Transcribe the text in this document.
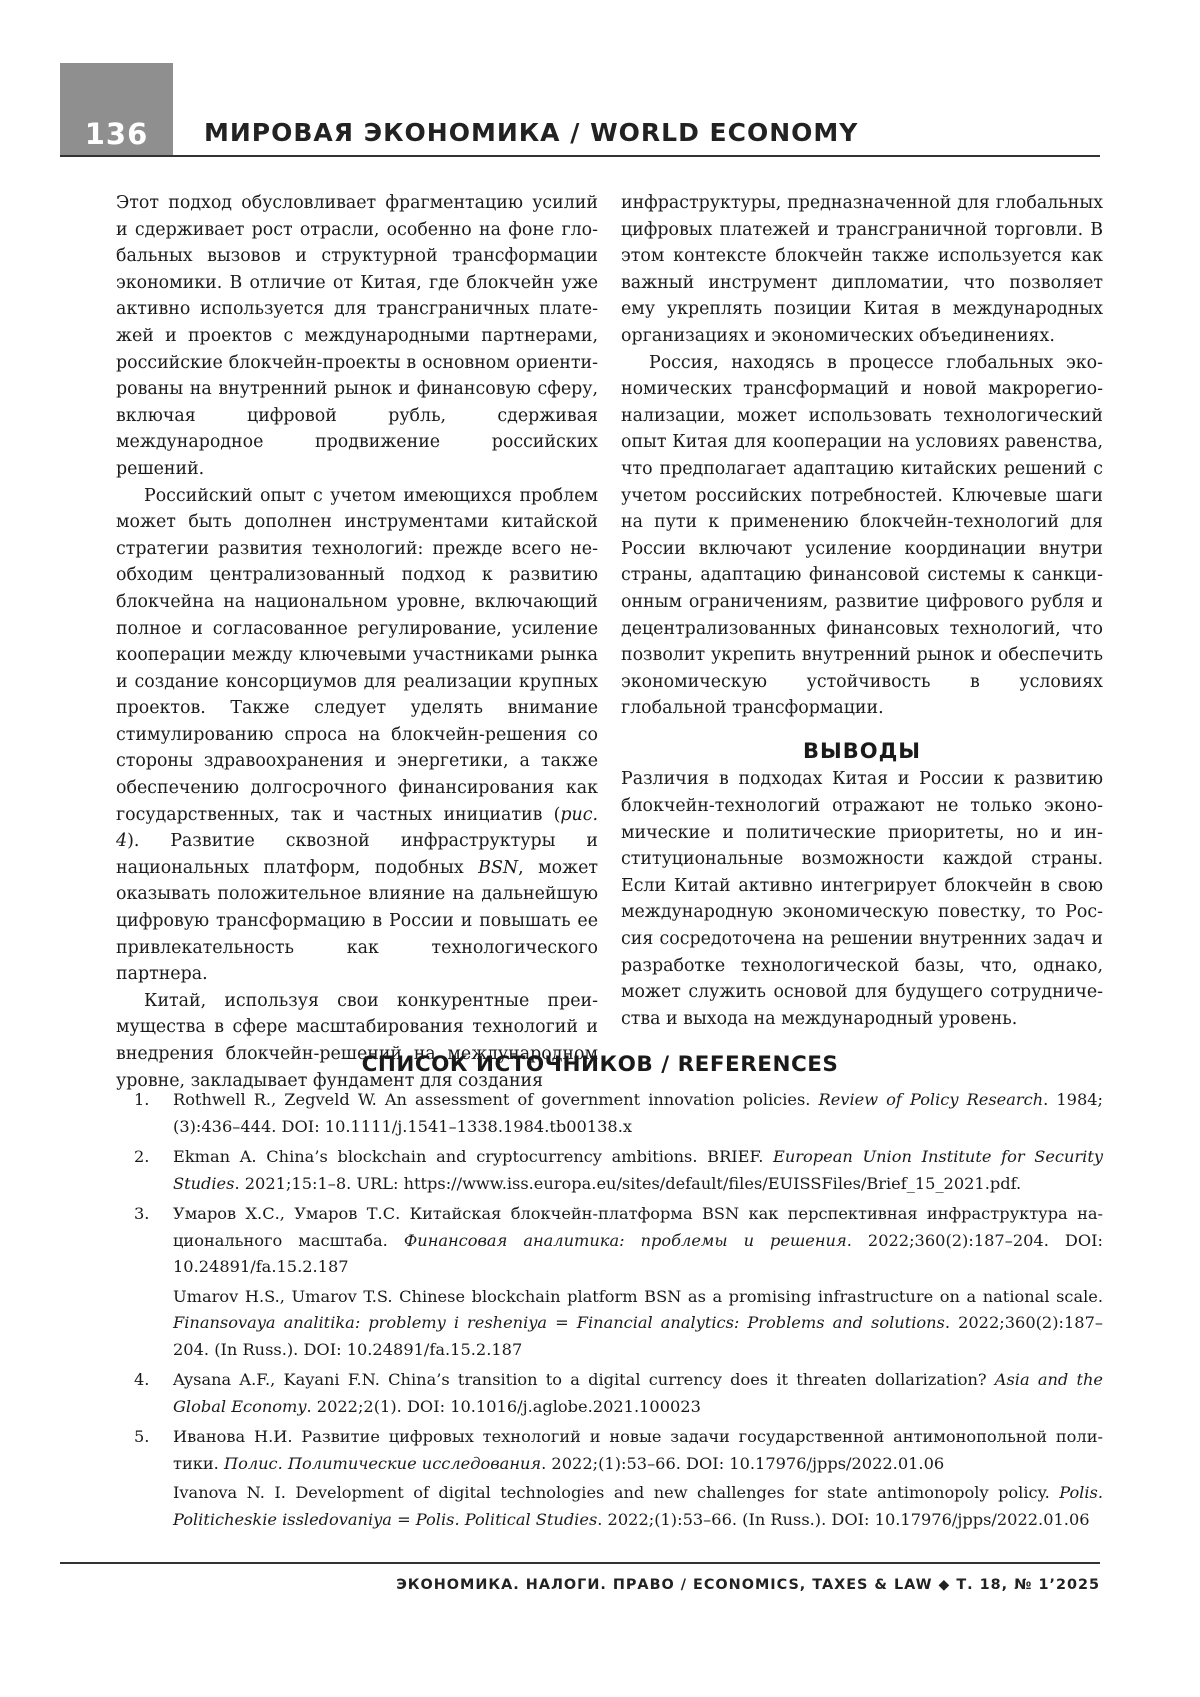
136	МИРОВАЯ ЭКОНОМИКА / WORLD ECONOMY

Этот подход обусловливает фрагментацию усилий и сдерживает рост отрасли, особенно на фоне глобальных вызовов и структурной трансформации экономики. В отличие от Китая, где блокчейн уже активно используется для трансграничных платежей и проектов с международными партнерами, российские блокчейн-проекты в основном ориентированы на внутренний рынок и финансовую сферу, включая цифровой рубль, сдерживая международное продвижение российских решений.

Российский опыт с учетом имеющихся проблем может быть дополнен инструментами китайской стратегии развития технологий: прежде всего необходим централизованный подход к развитию блокчейна на национальном уровне, включающий полное и согласованное регулирование, усиление кооперации между ключевыми участниками рынка и создание консорциумов для реализации крупных проектов. Также следует уделять внимание стимулированию спроса на блокчейн-решения со стороны здравоохранения и энергетики, а также обеспечению долгосрочного финансирования как государственных, так и частных инициатив (рис. 4). Развитие сквозной инфраструктуры и национальных платформ, подобных BSN, может оказывать положительное влияние на дальнейшую цифровую трансформацию в России и повышать ее привлекательность как технологического партнера.

Китай, используя свои конкурентные преимущества в сфере масштабирования технологий и внедрения блокчейн-решений на международном уровне, закладывает фундамент для создания

инфраструктуры, предназначенной для глобальных цифровых платежей и трансграничной торговли. В этом контексте блокчейн также используется как важный инструмент дипломатии, что позволяет ему укреплять позиции Китая в международных организациях и экономических объединениях.

Россия, находясь в процессе глобальных экономических трансформаций и новой макрорегионализации, может использовать технологический опыт Китая для кооперации на условиях равенства, что предполагает адаптацию китайских решений с учетом российских потребностей. Ключевые шаги на пути к применению блокчейн-технологий для России включают усиление координации внутри страны, адаптацию финансовой системы к санкционным ограничениям, развитие цифрового рубля и децентрализованных финансовых технологий, что позволит укрепить внутренний рынок и обеспечить экономическую устойчивость в условиях глобальной трансформации.

ВЫВОДЫ

Различия в подходах Китая и России к развитию блокчейн-технологий отражают не только экономические и политические приоритеты, но и институциональные возможности каждой страны. Если Китай активно интегрирует блокчейн в свою международную экономическую повестку, то Россия сосредоточена на решении внутренних задач и разработке технологической базы, что, однако, может служить основой для будущего сотрудничества и выхода на международный уровень.

СПИСОК ИСТОЧНИКОВ / REFERENCES
1.	Rothwell R., Zegveld W. An assessment of government innovation policies. Review of Policy Research. 1984;(3):436–444. DOI: 10.1111/j.1541–1338.1984.tb00138.x

2.	Ekman A. China’s blockchain and cryptocurrency ambitions. BRIEF. European Union Institute for Security Studies. 2021;15:1–8. URL: https://www.iss.europa.eu/sites/default/files/EUISSFiles/Brief_15_2021.pdf.

3.	Умаров Х.С., Умаров Т.С. Китайская блокчейн-платформа BSN как перспективная инфраструктура национального масштаба. Финансовая аналитика: проблемы и решения. 2022;360(2):187–204. DOI: 10.24891/fa.15.2.187

Umarov H.S., Umarov T.S. Chinese blockchain platform BSN as a promising infrastructure on a national scale. Finansovaya analitika: problemy i resheniya = Financial analytics: Problems and solutions. 2022;360(2):187–204. (In Russ.). DOI: 10.24891/fa.15.2.187

4.	Aysana A.F., Kayani F.N. China’s transition to a digital currency does it threaten dollarization? Asia and the Global Economy. 2022;2(1). DOI: 10.1016/j.aglobe.2021.100023

5.	Иванова Н.И. Развитие цифровых технологий и новые задачи государственной антимонопольной политики. Полис. Политические исследования. 2022;(1):53–66. DOI: 10.17976/jpps/2022.01.06

Ivanova N. I. Development of digital technologies and new challenges for state antimonopoly policy. Polis. Politicheskie issledovaniya = Polis. Political Studies. 2022;(1):53–66. (In Russ.). DOI: 10.17976/jpps/2022.01.06

ЭКОНОМИКА. НАЛОГИ. ПРАВО / ECONOMICS, TAXES & LAW ◆ Т. 18, № 1’2025
